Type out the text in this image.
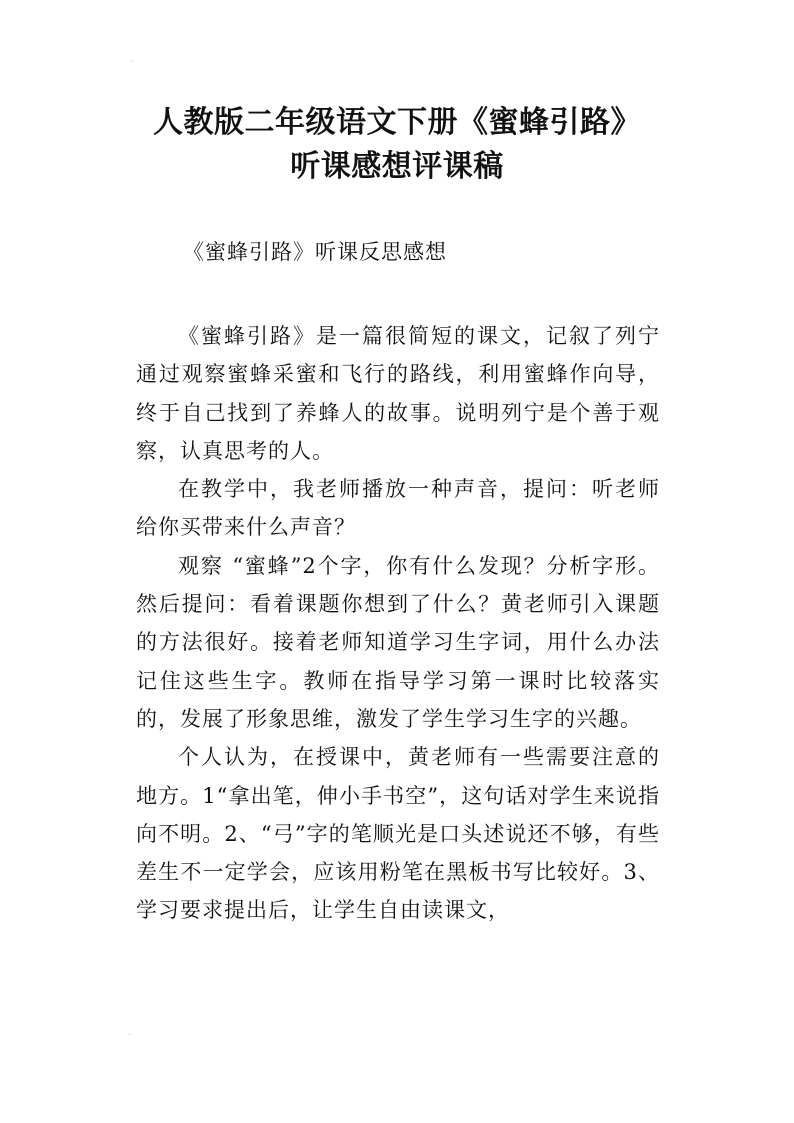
·
·
人教版二年级语文下册《蜜蜂引路》
听课感想评课稿
《蜜蜂引路》听课反思感想

《蜜蜂引路》是一篇很简短的课文，记叙了列宁通过观察蜜蜂采蜜和飞行的路线，利用蜜蜂作向导，终于自己找到了养蜂人的故事。说明列宁是个善于观察，认真思考的人。

在教学中，我老师播放一种声音，提问：听老师给你买带来什么声音？

观察 “蜜蜂”2个字，你有什么发现？分析字形。然后提问：看着课题你想到了什么？黄老师引入课题的方法很好。接着老师知道学习生字词，用什么办法记住这些生字。教师在指导学习第一课时比较落实的，发展了形象思维，激发了学生学习生字的兴趣。

个人认为，在授课中，黄老师有一些需要注意的地方。1“拿出笔，伸小手书空”，这句话对学生来说指向不明。2、“弓”字的笔顺光是口头述说还不够，有些差生不一定学会，应该用粉笔在黑板书写比较好。3、学习要求提出后，让学生自由读课文，
